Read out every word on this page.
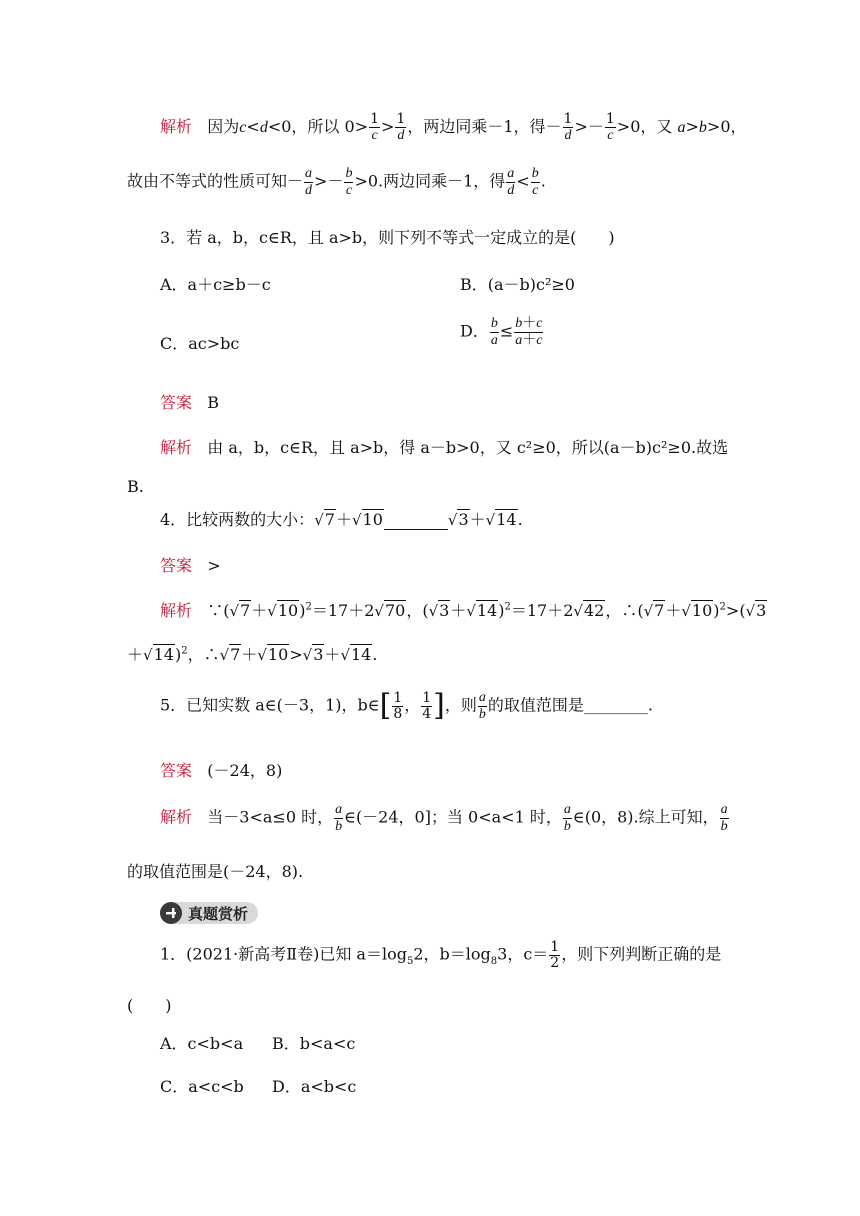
解析 因为c<d<0，所以 $0> \frac{1}{c} > \frac{1}{d}$ ，两边同乘－1，得－ $\frac{1}{d} >- \frac{1}{c} >0$，又 a>b>0，
故由不等式的性质可知－ $\frac{a}{d} >- \frac{b}{c} >0$.两边同乘－1，得 $\frac{a}{d} < \frac{b}{c}$ .
3．若 a，b，c∈R，且 a>b，则下列不等式一定成立的是(　　)
A．a＋c≥b－c	B．(a－b)c²≥0
C．ac>bc
D． $\frac{b}{a} \le \frac{b+c}{a+c}$
答案 B
解析 由 a，b，c∈R，且 a>b，得 a－b>0，又 c²≥0，所以(a－b)c²≥0.故选
B.
4．比较两数的大小：√7＋√10	√3＋√14.
答案 >
解析 $\because(√7+√10)^2=17+2√70$，$(√3+√14)^2=17+2√42$，$\therefore(√7+√10)^2>(√3$
＋√14)$^2$，∴√7＋√10>√3＋√14.
5．已知实数 a∈(－3，1)，b∈[ $\frac{1}{8}$ ， $\frac{1}{4}$ ]，则 $\frac{a}{b}$ 的取值范围是________.
答案 (－24，8)
解析 当－3<a≤0 时， $\frac{a}{b}$ ∈(－24，0]；当 0<a<1 时， $\frac{a}{b}$ ∈(0，8).综上可知， $\frac{a}{b}$
的取值范围是(－24，8).
真题赏析
1．(2021·新高考Ⅱ卷)已知 $a=\log_52$，$b=\log_83$，$c= \frac{1}{2}$ ，则下列判断正确的是
(　　)
A．c<b<a B．b<a<c
C．a<c<b D．a<b<c
